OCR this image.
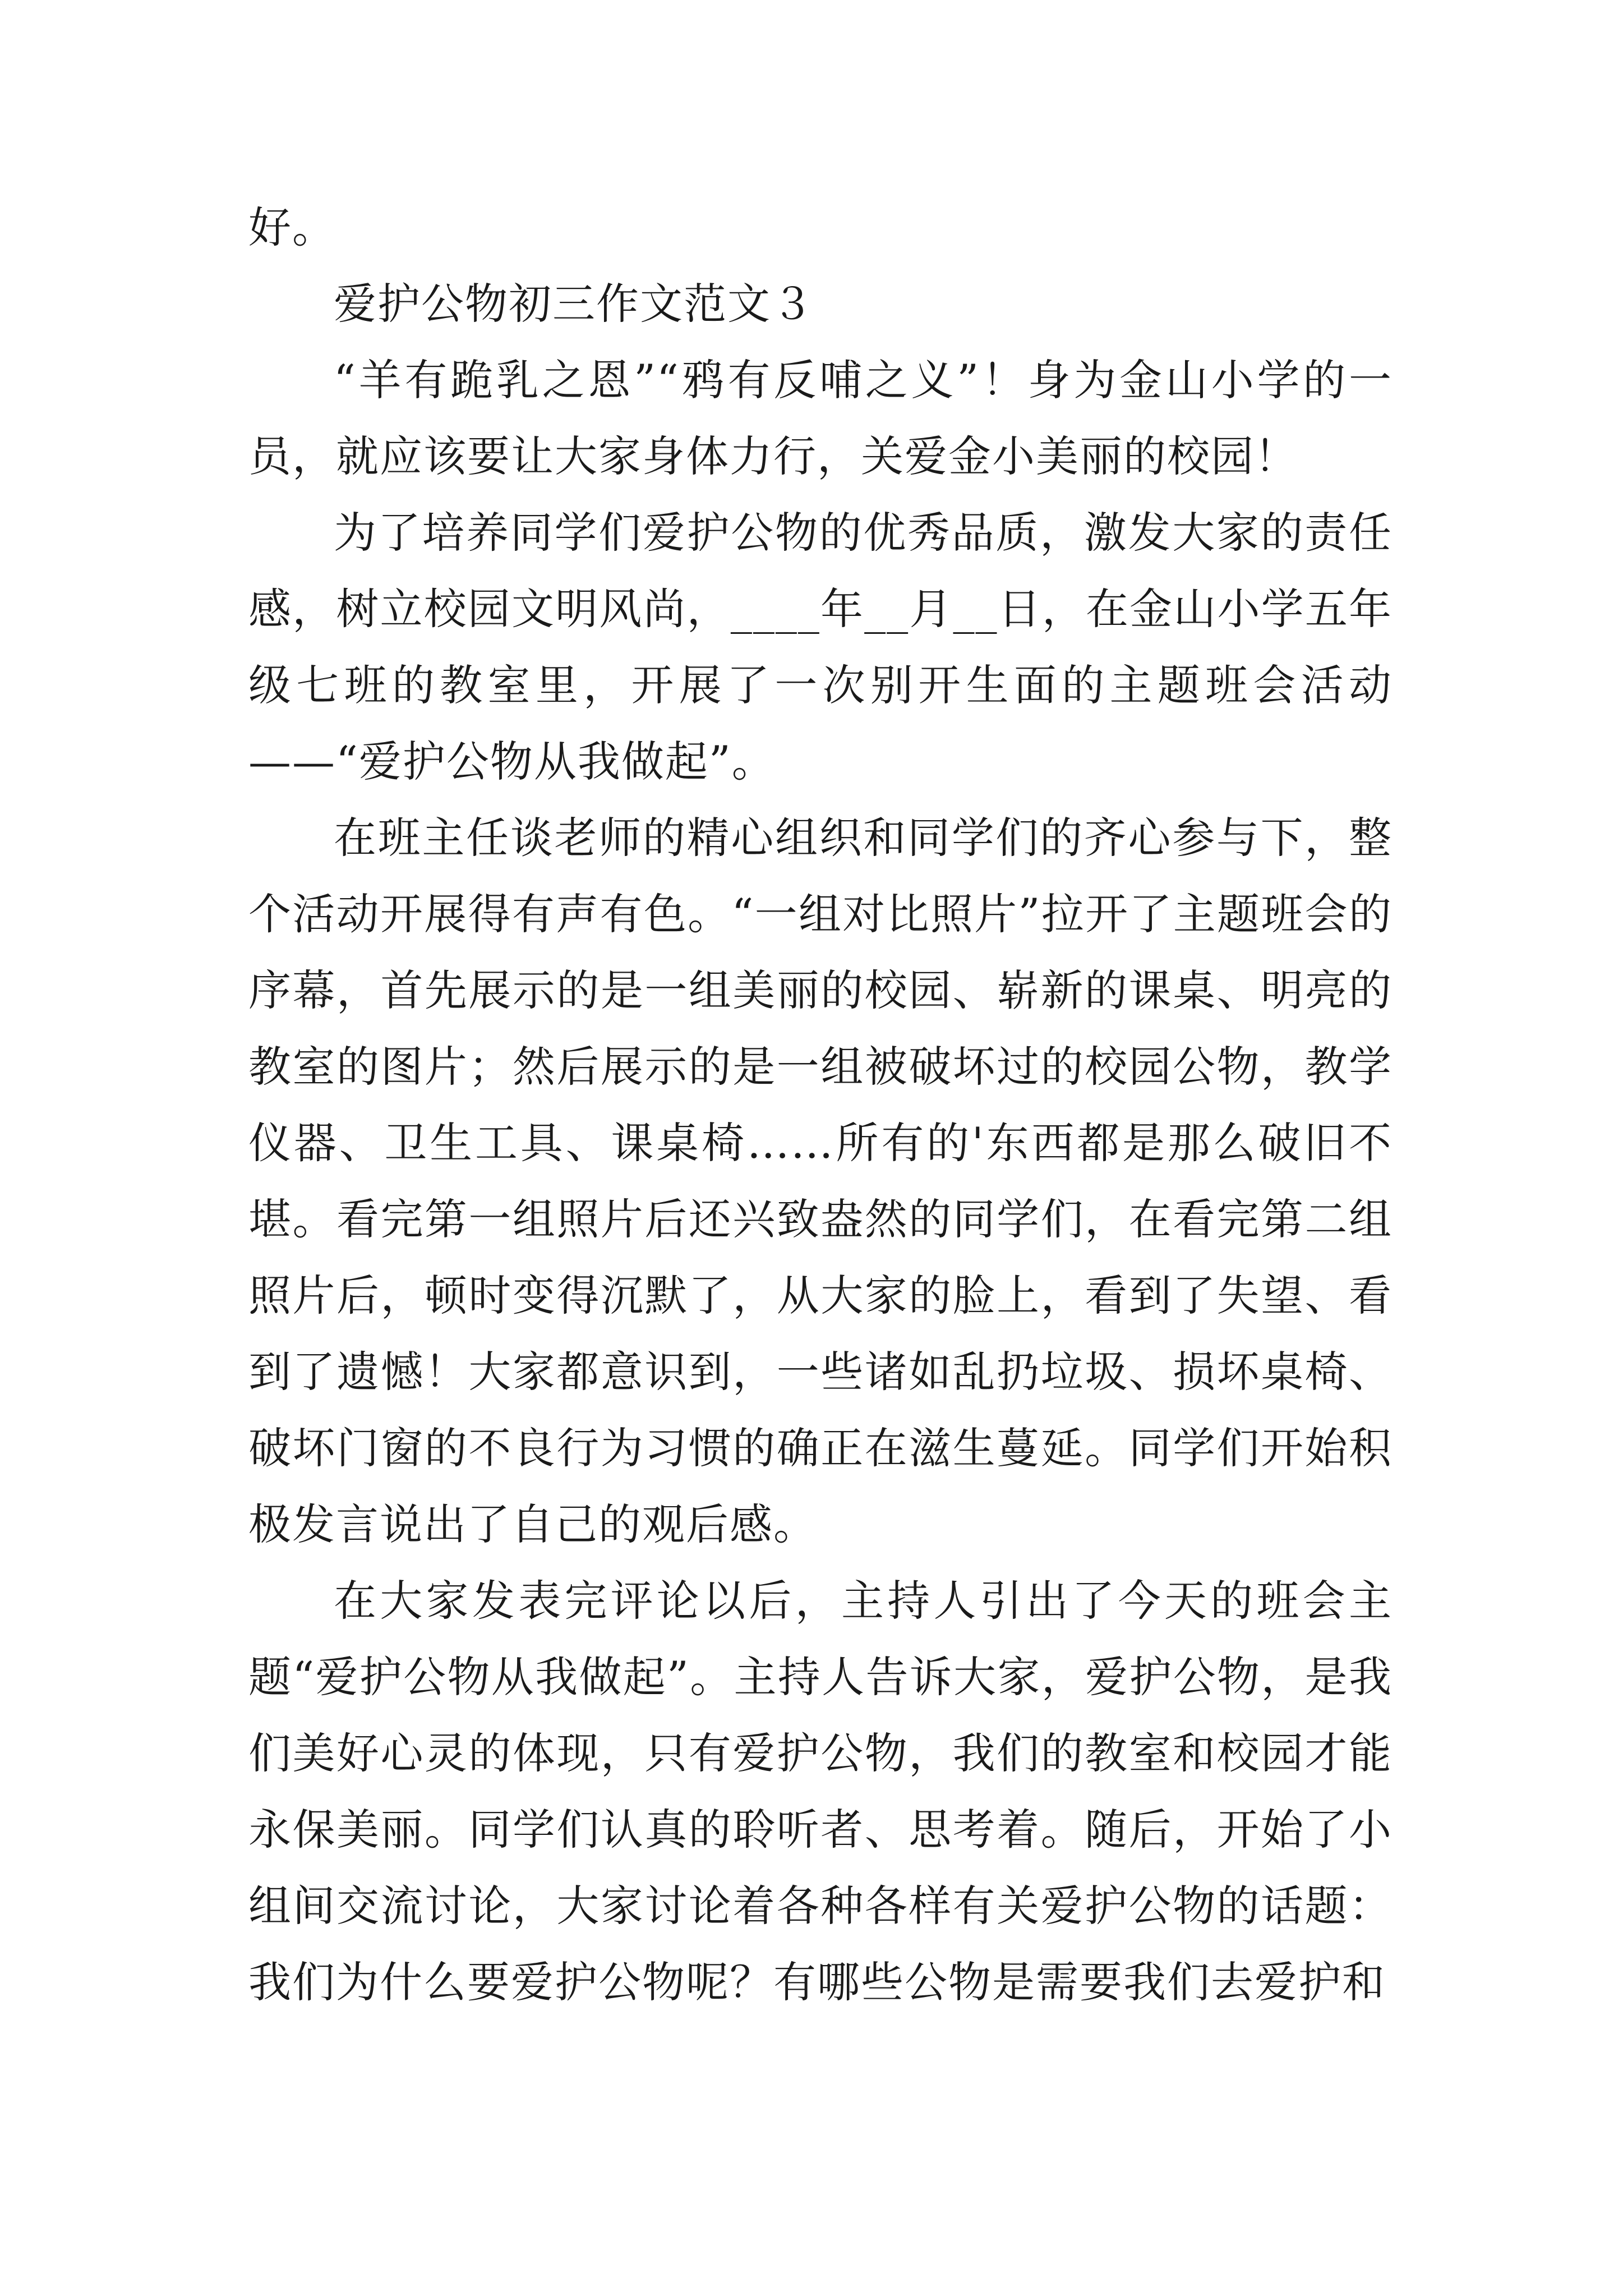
好。

爱护公物初三作文范文３

“羊有跪乳之恩”“鸦有反哺之义”！身为金山小学的一员，就应该要让大家身体力行，关爱金小美丽的校园！

为了培养同学们爱护公物的优秀品质，激发大家的责任感，树立校园文明风尚，____年__月__日，在金山小学五年级七班的教室里，开展了一次别开生面的主题班会活动——“爱护公物从我做起”。

在班主任谈老师的精心组织和同学们的齐心参与下，整个活动开展得有声有色。“一组对比照片”拉开了主题班会的序幕，首先展示的是一组美丽的校园、崭新的课桌、明亮的教室的图片；然后展示的是一组被破坏过的校园公物，教学仪器、卫生工具、课桌椅……所有的'东西都是那么破旧不堪。看完第一组照片后还兴致盎然的同学们，在看完第二组照片后，顿时变得沉默了，从大家的脸上，看到了失望、看到了遗憾！大家都意识到，一些诸如乱扔垃圾、损坏桌椅、破坏门窗的不良行为习惯的确正在滋生蔓延。同学们开始积极发言说出了自己的观后感。

在大家发表完评论以后，主持人引出了今天的班会主题“爱护公物从我做起”。主持人告诉大家，爱护公物，是我们美好心灵的体现，只有爱护公物，我们的教室和校园才能永保美丽。同学们认真的聆听者、思考着。随后，开始了小组间交流讨论，大家讨论着各种各样有关爱护公物的话题：我们为什么要爱护公物呢？有哪些公物是需要我们去爱护和
